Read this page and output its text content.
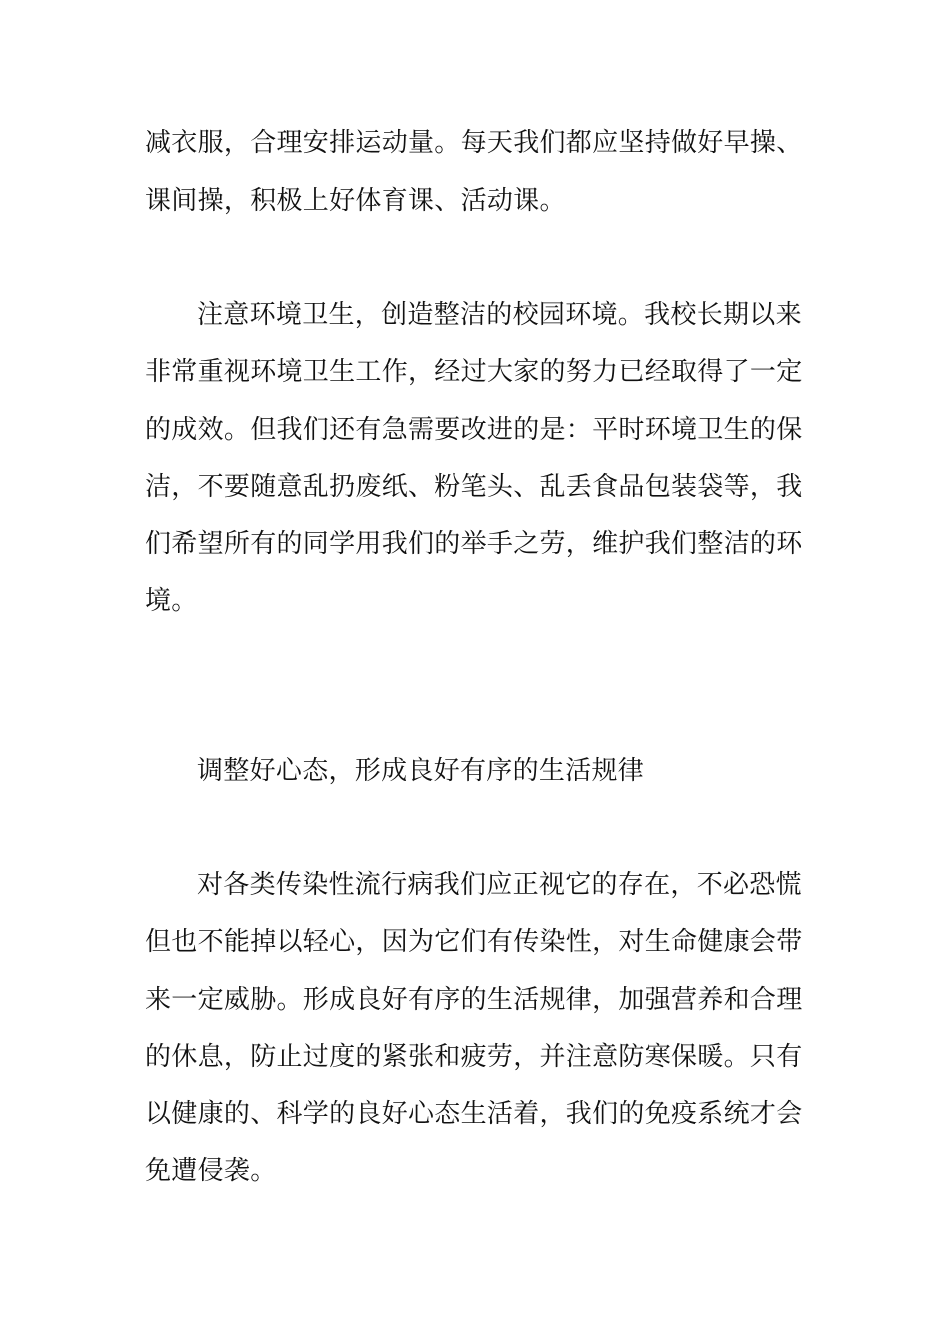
减衣服，合理安排运动量。每天我们都应坚持做好早操、
课间操，积极上好体育课、活动课。
注意环境卫生，创造整洁的校园环境。我校长期以来
非常重视环境卫生工作，经过大家的努力已经取得了一定
的成效。但我们还有急需要改进的是：平时环境卫生的保
洁，不要随意乱扔废纸、粉笔头、乱丢食品包装袋等，我
们希望所有的同学用我们的举手之劳，维护我们整洁的环
境。
调整好心态，形成良好有序的生活规律
对各类传染性流行病我们应正视它的存在，不必恐慌
但也不能掉以轻心，因为它们有传染性，对生命健康会带
来一定威胁。形成良好有序的生活规律，加强营养和合理
的休息，防止过度的紧张和疲劳，并注意防寒保暖。只有
以健康的、科学的良好心态生活着，我们的免疫系统才会
免遭侵袭。
